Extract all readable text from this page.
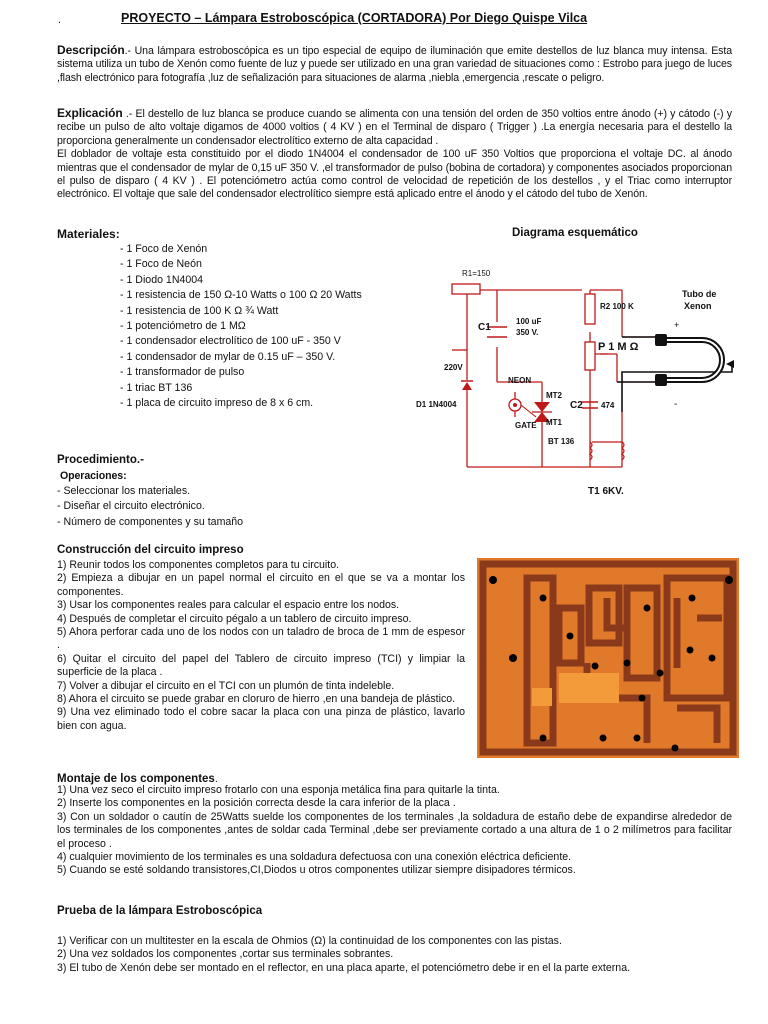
.	PROYECTO – Lámpara Estroboscópica (CORTADORA) Por Diego Quispe Vilca
Descripción.- Una lámpara estroboscópica es un tipo especial de equipo de iluminación que emite destellos de luz blanca muy intensa. Esta sistema utiliza un tubo de Xenón como fuente de luz y puede ser utilizado en una gran variedad de situaciones como : Estrobo para juego de luces ,flash electrónico para fotografía ,luz de señalización para situaciones de alarma ,niebla ,emergencia ,rescate o peligro.
Explicación .- El destello de luz blanca se produce cuando se alimenta con una tensión del orden de 350 voltios entre ánodo (+) y cátodo (-) y recibe un pulso de alto voltaje digamos de 4000 voltios ( 4 KV ) en el Terminal de disparo ( Trigger ) .La energía necesaria para el destello la proporciona generalmente un condensador electrolítico externo de alta capacidad .
El doblador de voltaje esta constituido por el diodo 1N4004 el condensador de 100 uF 350 Voltios que proporciona el voltaje DC. al ánodo mientras que el condensador de mylar de 0,15 uF 350 V. ,el transformador de pulso (bobina de cortadora) y componentes asociados proporcionan el pulso de disparo ( 4 KV ) . El potenciómetro actúa como control de velocidad de repetición de los destellos , y el Triac como interruptor electrónico. El voltaje que sale del condensador electrolítico siempre está aplicado entre el ánodo y el cátodo del tubo de Xenón.
Materiales:
- 1 Foco de Xenón
- 1 Foco de Neón
- 1 Diodo 1N4004
- 1 resistencia de 150 Ω-10 Watts o 100 Ω 20 Watts
- 1 resistencia de 100 K Ω ¾ Watt
- 1 potenciómetro de 1 MΩ
- 1 condensador electrolítico de 100 uF - 350 V
- 1 condensador de mylar de 0.15 uF – 350 V.
- 1 transformador de pulso
- 1 triac BT 136
- 1 placa de circuito impreso de 8 x 6 cm.
Diagrama esquemático
R1=150
C1
100 uF
350 V.
R2 100 K
P 1 M Ω
220V
D1 1N4004
NEON
MT2
MT1
GATE
BT 136
C2 474
Tubo de
Xenon
+
-
T1 6KV.
Procedimiento.-
Operaciones:
- Seleccionar los materiales.
- Diseñar el circuito electrónico.
- Número de componentes y su tamaño
Construcción del circuito impreso
1) Reunir todos los componentes completos para tu circuito.
2) Empieza a dibujar en un papel normal el circuito en el que se va a montar los componentes.
3) Usar los componentes reales para calcular el espacio entre los nodos.
4) Después de completar el circuito pégalo a un tablero de circuito impreso.
5) Ahora perforar cada uno de los nodos con un taladro de broca de 1 mm de espesor .
6) Quitar el circuito del papel del Tablero de circuito impreso (TCI) y limpiar la superficie de la placa .
7) Volver a dibujar el circuito en el TCI con un plumón de tinta indeleble.
8) Ahora el circuito se puede grabar en cloruro de hierro ,en una bandeja de plástico.
9) Una vez eliminado todo el cobre sacar la placa con una pinza de plástico, lavarlo bien con agua.
Montaje de los componentes.
1) Una vez seco el circuito impreso frotarlo con una esponja metálica fina para quitarle la tinta.
2) Inserte los componentes en la posición correcta desde la cara inferior de la placa .
3) Con un soldador o cautín de 25Watts suelde los componentes de los terminales ,la soldadura de estaño debe de expandirse alrededor de los terminales de los componentes ,antes de soldar cada Terminal ,debe ser previamente cortado a una altura de 1 o 2 milímetros para facilitar el proceso .
4) cualquier movimiento de los terminales es una soldadura defectuosa con una conexión eléctrica deficiente.
5) Cuando se esté soldando transistores,CI,Diodos u otros componentes utilizar siempre disipadores térmicos.
Prueba de la lámpara Estroboscópica
1) Verificar con un multitester en la escala de Ohmios (Ω) la continuidad de los componentes con las pistas.
2) Una vez soldados los componentes ,cortar sus terminales sobrantes.
3) El tubo de Xenón debe ser montado en el reflector, en una placa aparte, el potenciómetro debe ir en el la parte externa.
